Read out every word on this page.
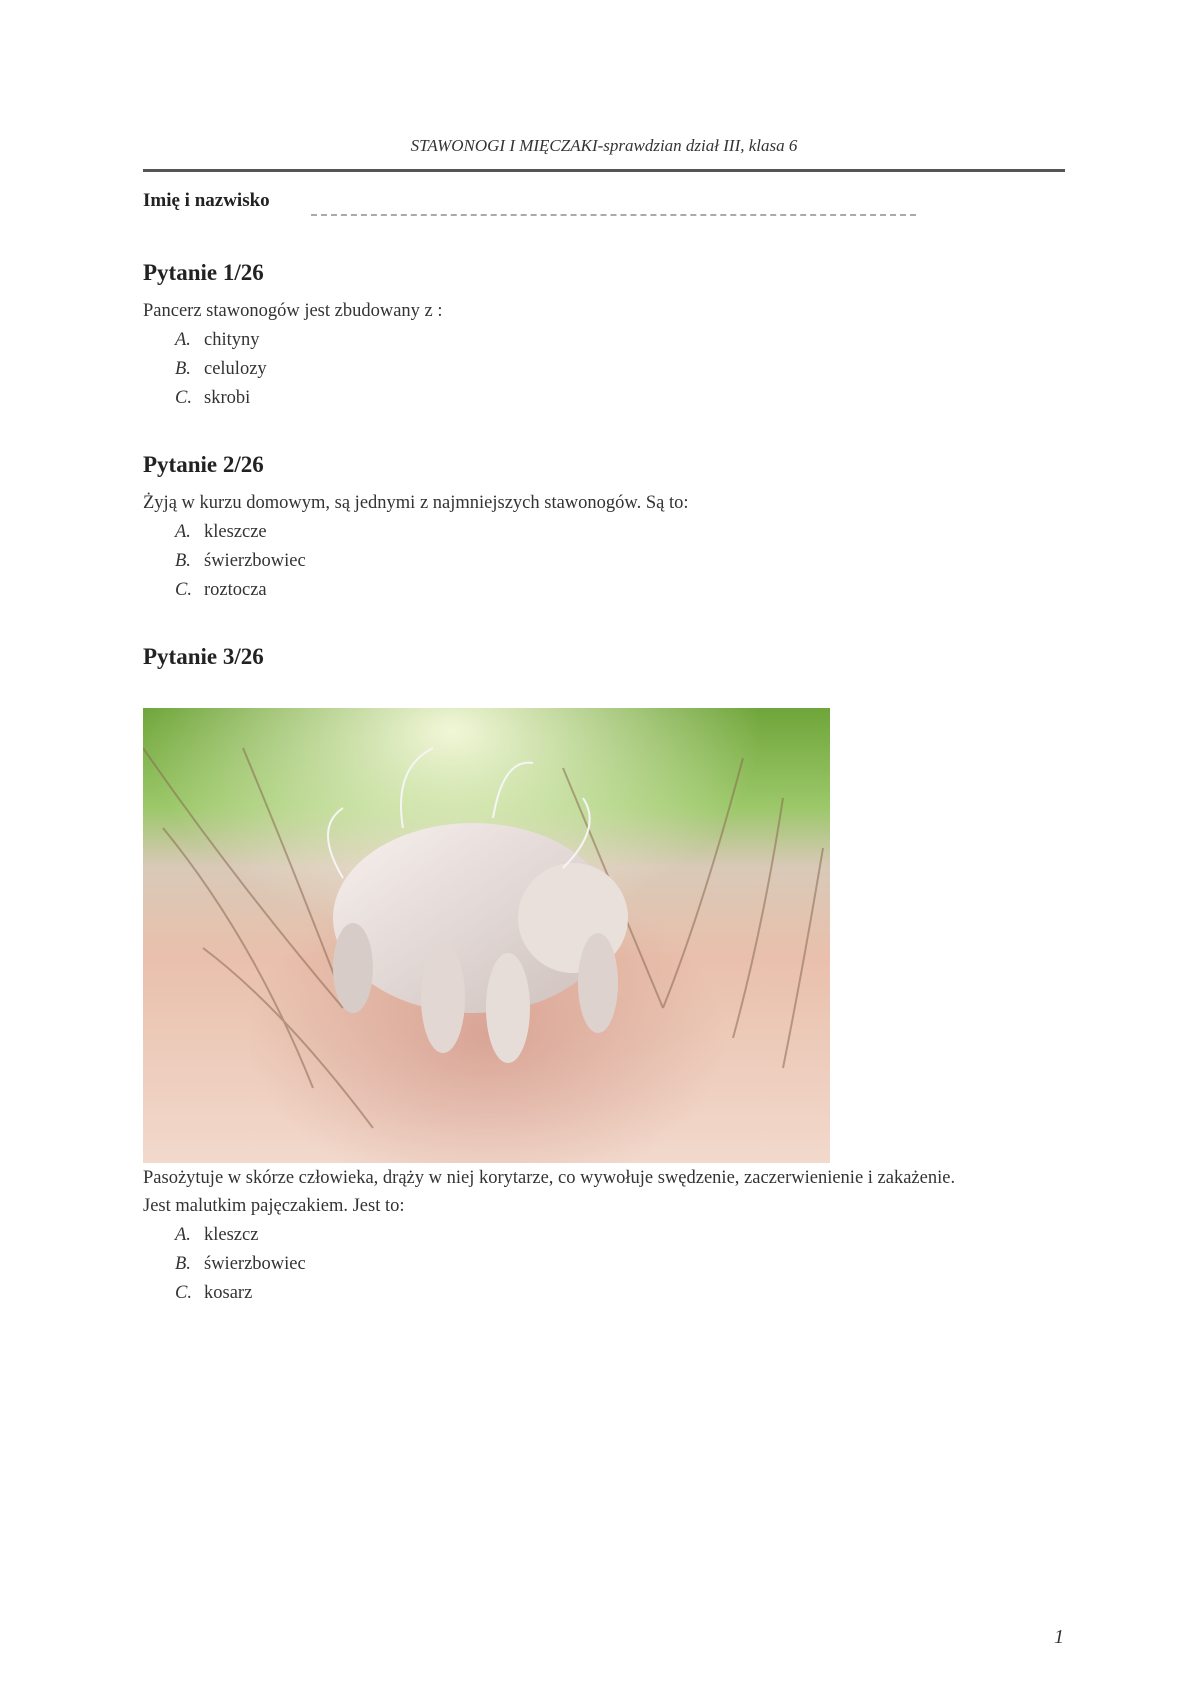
STAWONOGI I MIĘCZAKI-sprawdzian dział III, klasa 6
Imię i nazwisko
Pytanie 1/26

Pancerz stawonogów jest zbudowany z :

A. chityny
B. celulozy
C. skrobi
Pytanie 2/26

Żyją w kurzu domowym, są jednymi z najmniejszych stawonogów. Są to:

A. kleszcze
B. świerzbowiec
C. roztocza
Pytanie 3/26

Pasożytuje w skórze człowieka, drąży w niej korytarze, co wywołuje swędzenie, zaczerwienienie i zakażenie.

Jest malutkim pajęczakiem. Jest to:

A. kleszcz
B. świerzbowiec
C. kosarz
1
